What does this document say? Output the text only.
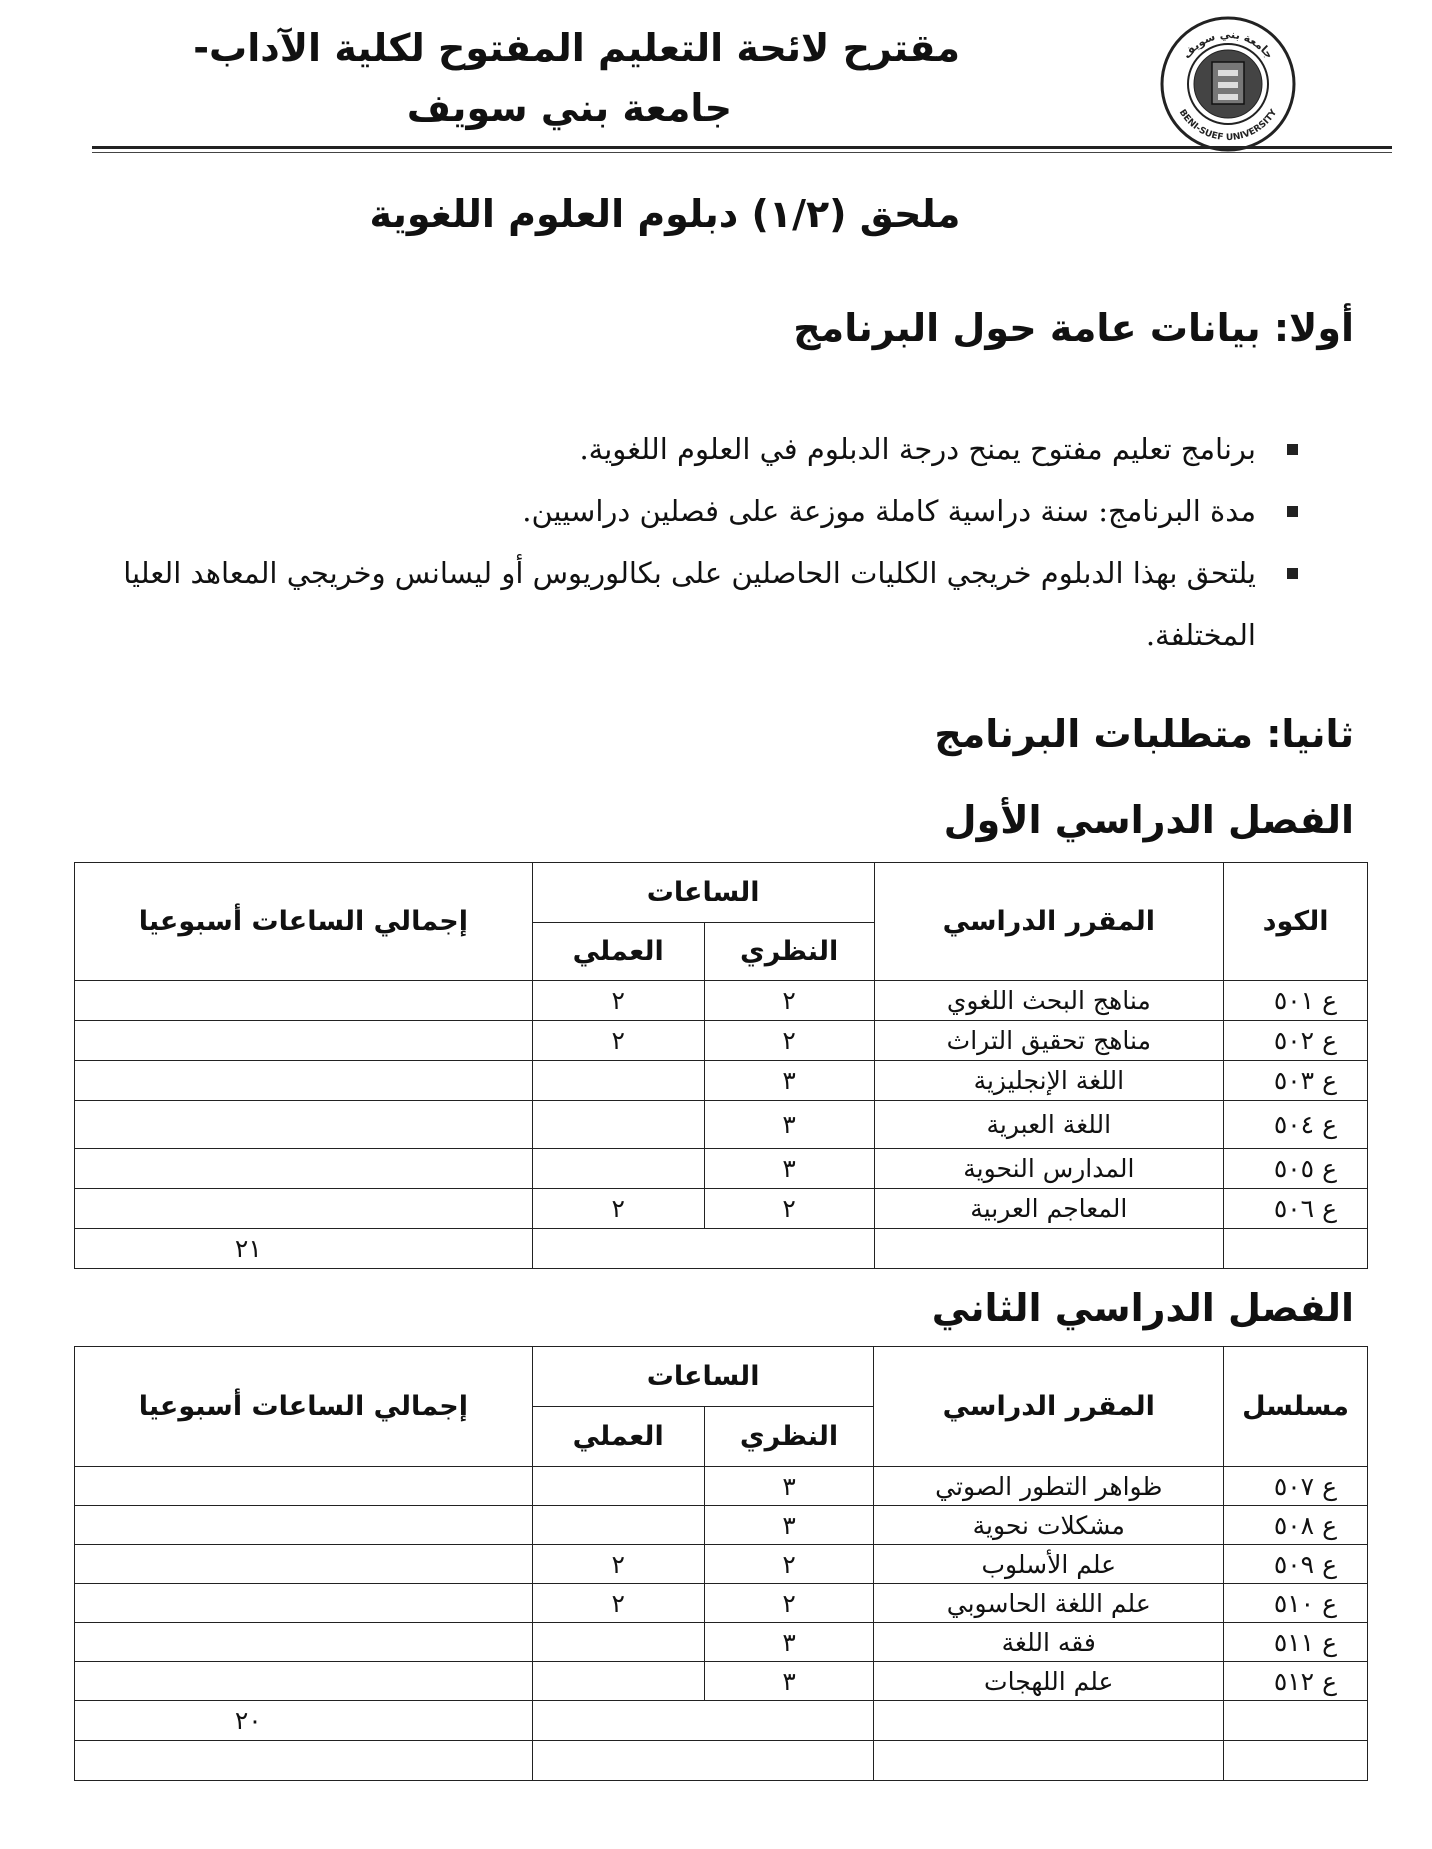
مقترح لائحة التعليم المفتوح لكلية الآداب-
جامعة بني سويف
جامعة بني سويف
BENI-SUEF UNIVERSITY
ملحق (١/٢) دبلوم العلوم اللغوية
أولا: بيانات عامة حول البرنامج
برنامج تعليم مفتوح يمنح درجة الدبلوم في العلوم اللغوية.
مدة البرنامج: سنة دراسية كاملة موزعة على فصلين دراسيين.
يلتحق بهذا الدبلوم خريجي الكليات الحاصلين على بكالوريوس أو ليسانس وخريجي المعاهد العليا المختلفة.
ثانيا: متطلبات البرنامج
الفصل الدراسي الأول
الكود	المقرر الدراسي	الساعات		إجمالي الساعات أسبوعيا
		النظري	العملي	
ع ٥٠١	مناهج البحث اللغوي	٢	٢	
ع ٥٠٢	مناهج تحقيق التراث	٢	٢	
ع ٥٠٣	اللغة الإنجليزية	٣		
ع ٥٠٤	اللغة العبرية	٣		
ع ٥٠٥	المدارس النحوية	٣		
ع ٥٠٦	المعاجم العربية	٢	٢	
				٢١
الفصل الدراسي الثاني
مسلسل	المقرر الدراسي	الساعات		إجمالي الساعات أسبوعيا
		النظري	العملي	
ع ٥٠٧	ظواهر التطور الصوتي	٣		
ع ٥٠٨	مشكلات نحوية	٣		
ع ٥٠٩	علم الأسلوب	٢	٢	
ع ٥١٠	علم اللغة الحاسوبي	٢	٢	
ع ٥١١	فقه اللغة	٣		
ع ٥١٢	علم اللهجات	٣		
				٢٠
